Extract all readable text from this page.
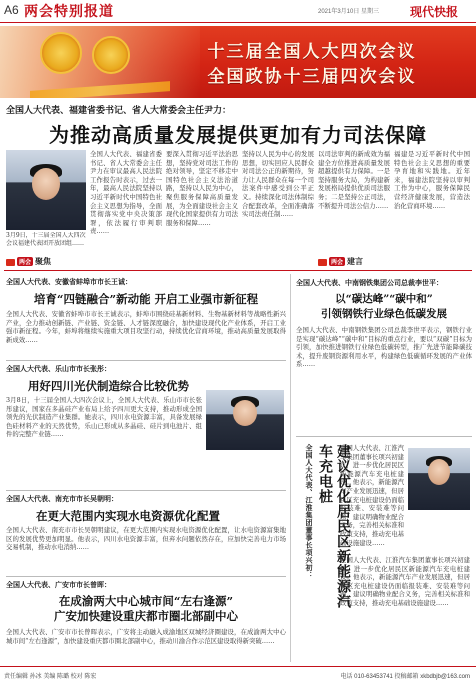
A6 两会特别报道	2021年3月10日 星期三	现代快报
十三届全国人大四次会议
全国政协十三届四次会议
全国人大代表、福建省委书记、省人大常委会主任尹力：
为推动高质量发展提供更加有力司法保障
3月9日，十三届全国人大四次会议福建代表团开放团组……
两会 聚焦
全国人大代表、福建省委书记、省人大常委会主任尹力在审议最高人民法院工作报告时表示，过去一年，最高人民法院坚持以习近平新时代中国特色社会主义思想为指导，全面贯彻落实党中央决策部署，依法履行审判职责……
要深入贯彻习近平法治思想，坚持党对司法工作的绝对领导，坚定不移走中国特色社会主义法治道路，坚持以人民为中心，聚焦服务保障高质量发展，为全面建设社会主义现代化国家提供有力司法服务和保障……
坚持以人民为中心的发展思想，切实回应人民群众对司法公正的新期待，努力让人民群众在每一个司法案件中感受到公平正义。持续深化司法体制综合配套改革，全面准确落实司法责任制……
以司法审判的新成效为福建全方位推进高质量发展超越提供有力保障。一是坚持服务大局，为构建新发展格局提供优质司法服务；二是坚持公正司法，不断提升司法公信力……
福建是习近平新时代中国特色社会主义思想的重要孕育地和实践地。近年来，福建法院坚持以审判工作为中心，服务保障民营经济健康发展，营造法治化营商环境……
两会 建言
全国人大代表、安徽省蚌埠市市长王诚：
培育“四链融合”新动能 开启工业强市新征程
全国人大代表、安徽省蚌埠市市长王诚表示，蚌埠市围绕硅基新材料、生物基新材料等战略性新兴产业，全力推动创新链、产业链、资金链、人才链深度融合，加快建设现代化产业体系，开启工业强市新征程。今年，蚌埠将继续实施重大项目攻坚行动，持续优化营商环境，推动高质量发展取得新成效……
全国人大代表、乐山市市长张彤：
用好四川光伏制造综合比较优势
3月8日，十三届全国人大四次会议上，全国人大代表、乐山市市长张彤建议，国家在多晶硅产业布局上给予四川更大支持，推动形成全国领先的光伏制造产业集群。她表示，四川水电资源丰富，具备发展绿色硅材料产业的天然优势，乐山已形成从多晶硅、硅片到电池片、组件的完整产业链……
全国人大代表、南充市市长吴朝明：
在更大范围内实现水电资源优化配置
全国人大代表、南充市市长吴朝明建议，在更大范围内实现水电资源优化配置，让水电资源富集地区的发展优势更加明显。他表示，四川水电资源丰富，但弃水问题依然存在，应加快完善电力市场交易机制，推动水电消纳……
全国人大代表、广安市市长曾晖：
在成渝两大中心城市间“左右逢源”
广安加快建设重庆都市圈北部副中心
全国人大代表、广安市市长曾晖表示，广安将主动融入成渝地区双城经济圈建设，在成渝两大中心城市间“左右逢源”，加快建设重庆都市圈北部副中心，推动川渝合作示范区建设取得新突破……
全国人大代表、中南钢铁集团公司总裁李世平：
以“碳达峰”“碳中和”
引领钢铁行业绿色低碳发展
全国人大代表、中南钢铁集团公司总裁李世平表示，钢铁行业是实现“碳达峰”“碳中和”目标的重点行业，要以“双碳”目标为引领，加快推进钢铁行业绿色低碳转型，推广先进节能降碳技术，提升废钢资源利用水平，构建绿色低碳循环发展的产业体系……
全国人大代表、江淮集团董事长项兴初：	建议优化居民区新能源汽车充电桩	全国人大代表、江淮汽车集团董事长项兴初建议，进一步优化居民区新能源汽车充电桩建设。他表示，新能源汽车产业发展迅速，但居民区充电桩建设仍面临报装难、安装难等问题，建议明确物业配合义务，完善相关标准和政策支持，推动充电基础设施建设……
全国人大代表、江淮汽车集团董事长项兴初建议，进一步优化居民区新能源汽车充电桩建设。他表示，新能源汽车产业发展迅速，但居民区充电桩建设仍面临报装难、安装难等问题，建议明确物业配合义务，完善相关标准和政策支持，推动充电基础设施建设……
责任编辑 孙冰 美编 陈璐 校对 陈宏	电话 010-63453741 投稿邮箱 xkbdbjb@163.com
